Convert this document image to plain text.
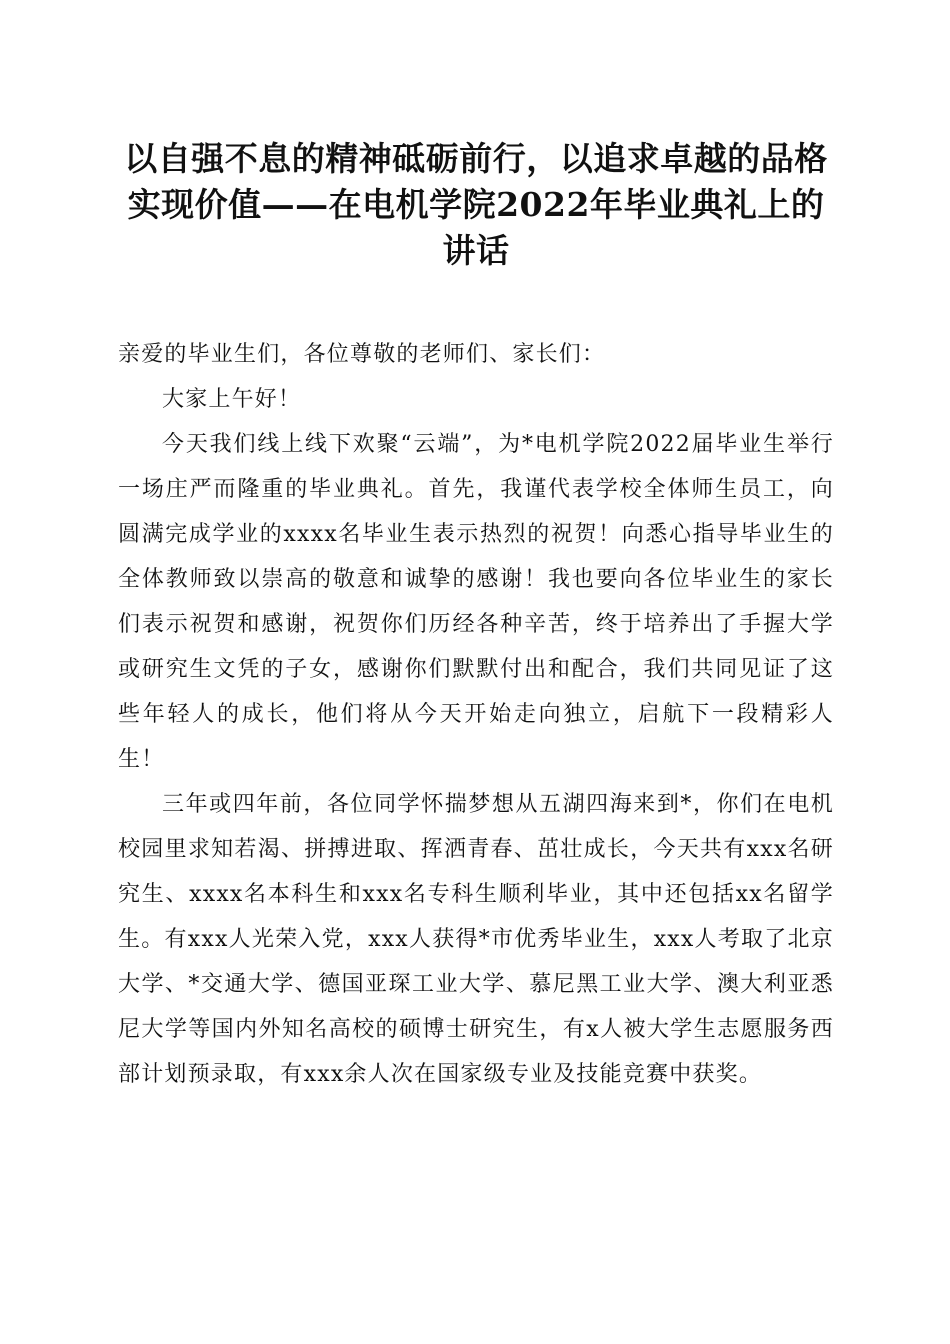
以自强不息的精神砥砺前行，以追求卓越的品格实现价值——在电机学院2022年毕业典礼上的讲话

亲爱的毕业生们，各位尊敬的老师们、家长们：

大家上午好！

今天我们线上线下欢聚“云端”，为*电机学院2022届毕业生举行一场庄严而隆重的毕业典礼。首先，我谨代表学校全体师生员工，向圆满完成学业的xxxx名毕业生表示热烈的祝贺！向悉心指导毕业生的全体教师致以崇高的敬意和诚挚的感谢！我也要向各位毕业生的家长们表示祝贺和感谢，祝贺你们历经各种辛苦，终于培养出了手握大学或研究生文凭的子女，感谢你们默默付出和配合，我们共同见证了这些年轻人的成长，他们将从今天开始走向独立，启航下一段精彩人生！

三年或四年前，各位同学怀揣梦想从五湖四海来到*，你们在电机校园里求知若渴、拼搏进取、挥洒青春、茁壮成长，今天共有xxx名研究生、xxxx名本科生和xxx名专科生顺利毕业，其中还包括xx名留学生。有xxx人光荣入党，xxx人获得*市优秀毕业生，xxx人考取了北京大学、*交通大学、德国亚琛工业大学、慕尼黑工业大学、澳大利亚悉尼大学等国内外知名高校的硕博士研究生，有x人被大学生志愿服务西部计划预录取，有xxx余人次在国家级专业及技能竞赛中获奖。
